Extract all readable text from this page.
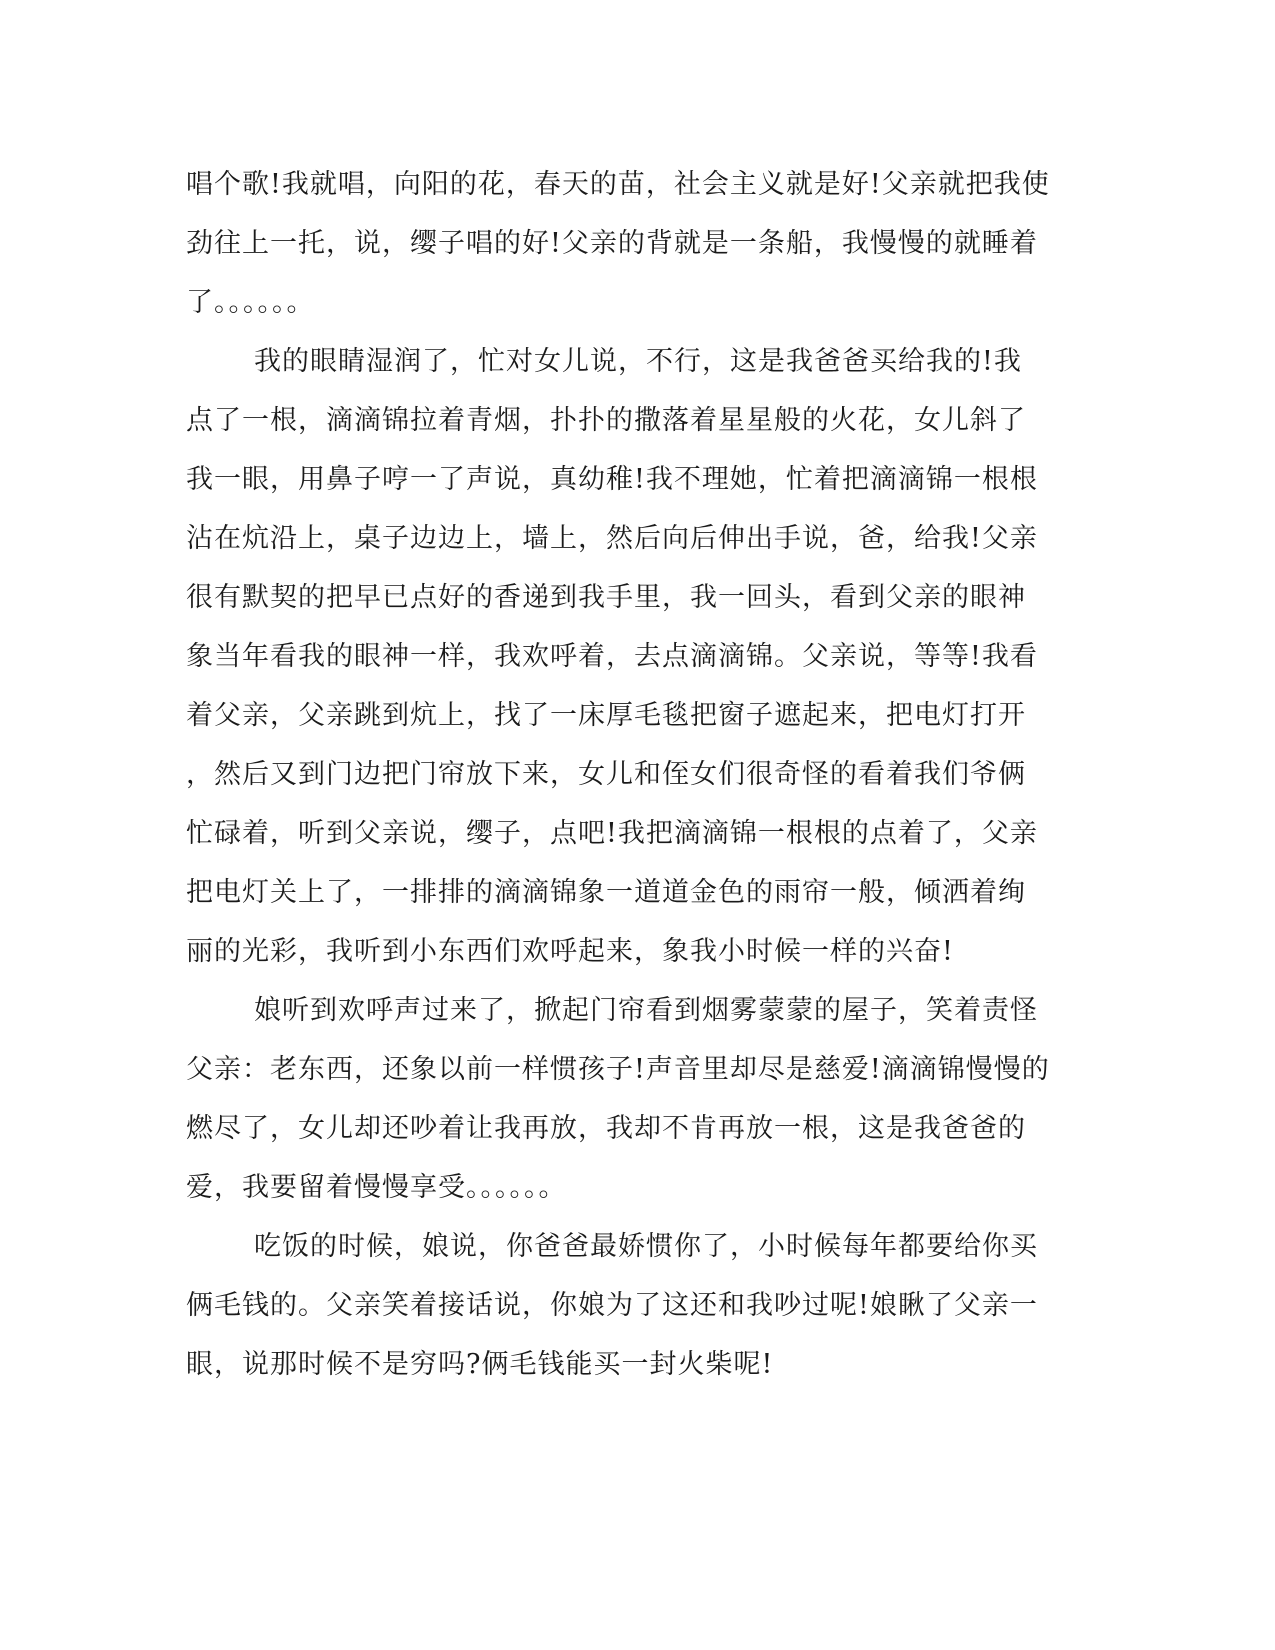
唱个歌!我就唱，向阳的花，春天的苗，社会主义就是好!父亲就把我使
劲往上一托，说，缨子唱的好!父亲的背就是一条船，我慢慢的就睡着
了。。。。。。
我的眼睛湿润了，忙对女儿说，不行，这是我爸爸买给我的!我
点了一根，滴滴锦拉着青烟，扑扑的撒落着星星般的火花，女儿斜了
我一眼，用鼻子哼一了声说，真幼稚!我不理她，忙着把滴滴锦一根根
沾在炕沿上，桌子边边上，墙上，然后向后伸出手说，爸，给我!父亲
很有默契的把早已点好的香递到我手里，我一回头，看到父亲的眼神
象当年看我的眼神一样，我欢呼着，去点滴滴锦。父亲说，等等!我看
着父亲，父亲跳到炕上，找了一床厚毛毯把窗子遮起来，把电灯打开
，然后又到门边把门帘放下来，女儿和侄女们很奇怪的看着我们爷俩
忙碌着，听到父亲说，缨子，点吧!我把滴滴锦一根根的点着了，父亲
把电灯关上了，一排排的滴滴锦象一道道金色的雨帘一般，倾洒着绚
丽的光彩，我听到小东西们欢呼起来，象我小时候一样的兴奋!
娘听到欢呼声过来了，掀起门帘看到烟雾蒙蒙的屋子，笑着责怪
父亲：老东西，还象以前一样惯孩子!声音里却尽是慈爱!滴滴锦慢慢的
燃尽了，女儿却还吵着让我再放，我却不肯再放一根，这是我爸爸的
爱，我要留着慢慢享受。。。。。。
吃饭的时候，娘说，你爸爸最娇惯你了，小时候每年都要给你买
俩毛钱的。父亲笑着接话说，你娘为了这还和我吵过呢!娘瞅了父亲一
眼，说那时候不是穷吗?俩毛钱能买一封火柴呢!
